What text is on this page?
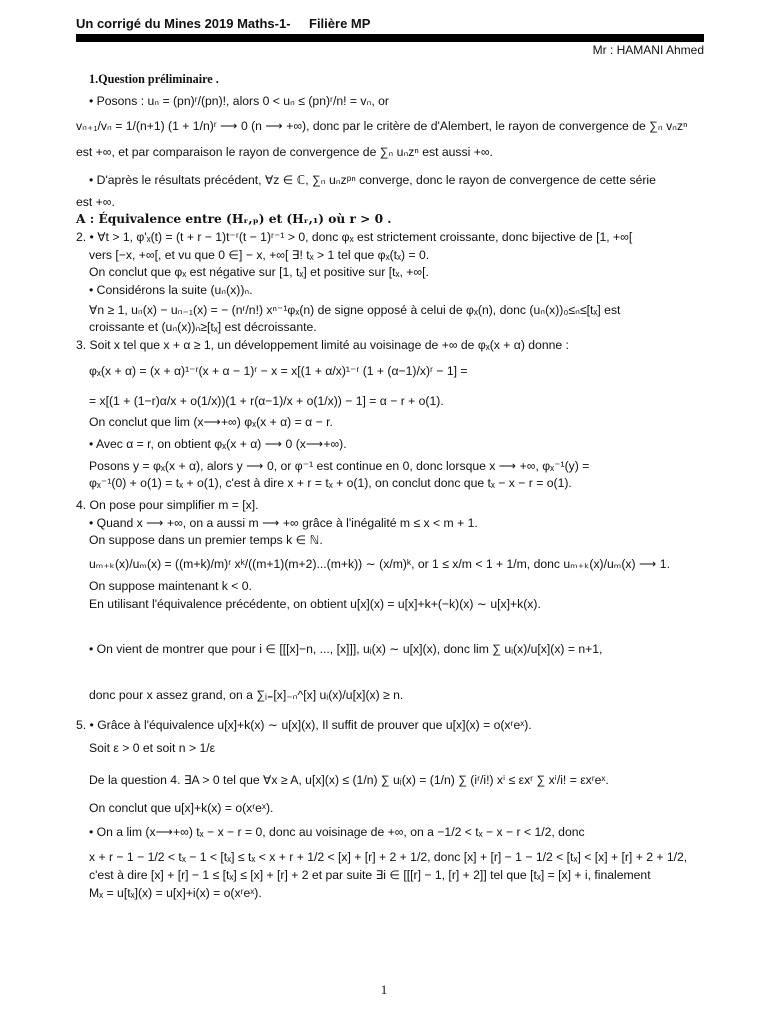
Un corrigé du Mines 2019 Maths-1- Filière MP
Mr : HAMANI Ahmed

1.Question préliminaire .

• Posons : uₙ = (pn)ʳ/(pn)!, alors 0 < uₙ ≤ (pn)ʳ/n! = vₙ, or

vₙ₊₁/vₙ = 1/(n+1) (1 + 1/n)ʳ ⟶ 0 (n ⟶ +∞), donc par le critère de d'Alembert, le rayon de convergence de ∑ₙ vₙzⁿ

est +∞, et par comparaison le rayon de convergence de ∑ₙ uₙzⁿ est aussi +∞.

• D'après le résultats précédent, ∀z ∈ ℂ, ∑ₙ uₙzᵖⁿ converge, donc le rayon de convergence de cette série

est +∞.

A : Équivalence entre (Hᵣ,ₚ) et (Hᵣ,₁) où r > 0 .

2. • ∀t > 1, φ'ₓ(t) = (t + r − 1)t⁻ʳ(t − 1)ʳ⁻¹ > 0, donc φₓ est strictement croissante, donc bijective de [1, +∞[

vers [−x, +∞[, et vu que 0 ∈] − x, +∞[ ∃! tₓ > 1 tel que φₓ(tₓ) = 0.

On conclut que φₓ est négative sur [1, tₓ] et positive sur [tₓ, +∞[.

• Considérons la suite (uₙ(x))ₙ.

∀n ≥ 1, uₙ(x) − uₙ₋₁(x) = − (nʳ/n!) xⁿ⁻¹φₓ(n) de signe opposé à celui de φₓ(n), donc (uₙ(x))₀≤ₙ≤[tₓ] est

croissante et (uₙ(x))ₙ≥[tₓ] est décroissante.

3. Soit x tel que x + α ≥ 1, un développement limité au voisinage de +∞ de φₓ(x + α) donne :

φₓ(x + α) = (x + α)¹⁻ʳ(x + α − 1)ʳ − x = x[(1 + α/x)¹⁻ʳ (1 + (α−1)/x)ʳ − 1] =

= x[(1 + (1−r)α/x + o(1/x))(1 + r(α−1)/x + o(1/x)) − 1] = α − r + o(1).

On conclut que lim (x⟶+∞) φₓ(x + α) = α − r.

• Avec α = r, on obtient φₓ(x + α) ⟶ 0 (x⟶+∞).

Posons y = φₓ(x + α), alors y ⟶ 0, or φ⁻¹ est continue en 0, donc lorsque x ⟶ +∞, φₓ⁻¹(y) =

φₓ⁻¹(0) + o(1) = tₓ + o(1), c'est à dire x + r = tₓ + o(1), on conclut donc que tₓ − x − r = o(1).

4. On pose pour simplifier m = [x].

• Quand x ⟶ +∞, on a aussi m ⟶ +∞ grâce à l'inégalité m ≤ x < m + 1.

On suppose dans un premier temps k ∈ ℕ.

uₘ₊ₖ(x)/uₘ(x) = ((m+k)/m)ʳ xᵏ/((m+1)(m+2)...(m+k)) ∼ (x/m)ᵏ, or 1 ≤ x/m < 1 + 1/m, donc uₘ₊ₖ(x)/uₘ(x) ⟶ 1.

On suppose maintenant k < 0.

En utilisant l'équivalence précédente, on obtient u[x](x) = u[x]+k+(−k)(x) ∼ u[x]+k(x).

• On vient de montrer que pour i ∈ [[[x]−n, ..., [x]]], uᵢ(x) ∼ u[x](x), donc lim ∑ uᵢ(x)/u[x](x) = n+1,

donc pour x assez grand, on a ∑ᵢ₌[x]₋ₙ^[x] uᵢ(x)/u[x](x) ≥ n.

5. • Grâce à l'équivalence u[x]+k(x) ∼ u[x](x), Il suffit de prouver que u[x](x) = o(xʳeˣ).

Soit ε > 0 et soit n > 1/ε

De la question 4. ∃A > 0 tel que ∀x ≥ A, u[x](x) ≤ (1/n) ∑ uᵢ(x) = (1/n) ∑ (iʳ/i!) xⁱ ≤ εxʳ ∑ xⁱ/i! = εxʳeˣ.

On conclut que u[x]+k(x) = o(xʳeˣ).

• On a lim (x⟶+∞) tₓ − x − r = 0, donc au voisinage de +∞, on a −1/2 < tₓ − x − r < 1/2, donc

x + r − 1 − 1/2 < tₓ − 1 < [tₓ] ≤ tₓ < x + r + 1/2 < [x] + [r] + 2 + 1/2, donc [x] + [r] − 1 − 1/2 < [tₓ] < [x] + [r] + 2 + 1/2,

c'est à dire [x] + [r] − 1 ≤ [tₓ] ≤ [x] + [r] + 2 et par suite ∃i ∈ [[[r] − 1, [r] + 2]] tel que [tₓ] = [x] + i, finalement

Mₓ = u[tₓ](x) = u[x]+i(x) = o(xʳeˣ).

1
